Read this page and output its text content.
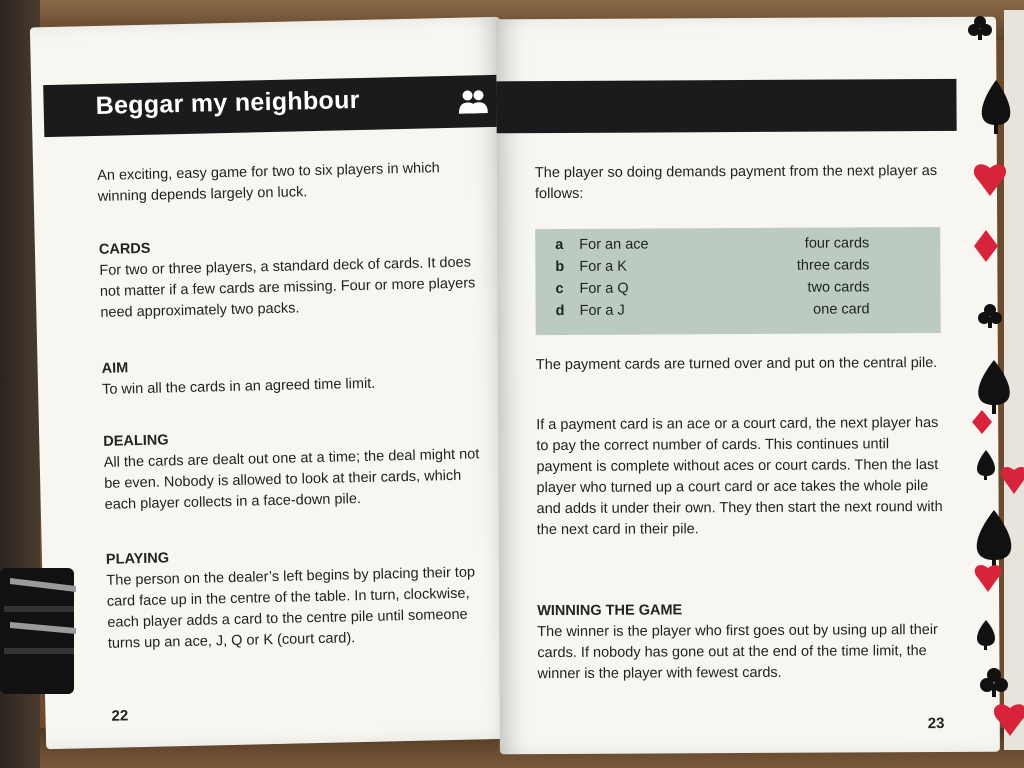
Beggar my neighbour

An exciting, easy game for two to six players in which winning depends largely on luck.

CARDS

For two or three players, a standard deck of cards. It does not matter if a few cards are missing. Four or more players need approximately two packs.

AIM

To win all the cards in an agreed time limit.

DEALING

All the cards are dealt out one at a time; the deal might not be even. Nobody is allowed to look at their cards, which each player collects in a face-down pile.

PLAYING

The person on the dealer’s left begins by placing their top card face up in the centre of the table. In turn, clockwise, each player adds a card to the centre pile until someone turns up an ace, J, Q or K (court card).

22

The player so doing demands payment from the next player as follows:

a For an ace	four cards
b For a K	three cards
c For a Q	two cards
d For a J	one card

The payment cards are turned over and put on the central pile.

If a payment card is an ace or a court card, the next player has to pay the correct number of cards. This continues until payment is complete without aces or court cards. Then the last player who turned up a court card or ace takes the whole pile and adds it under their own. They then start the next round with the next card in their pile.

WINNING THE GAME

The winner is the player who first goes out by using up all their cards. If nobody has gone out at the end of the time limit, the winner is the player with fewest cards.

23
